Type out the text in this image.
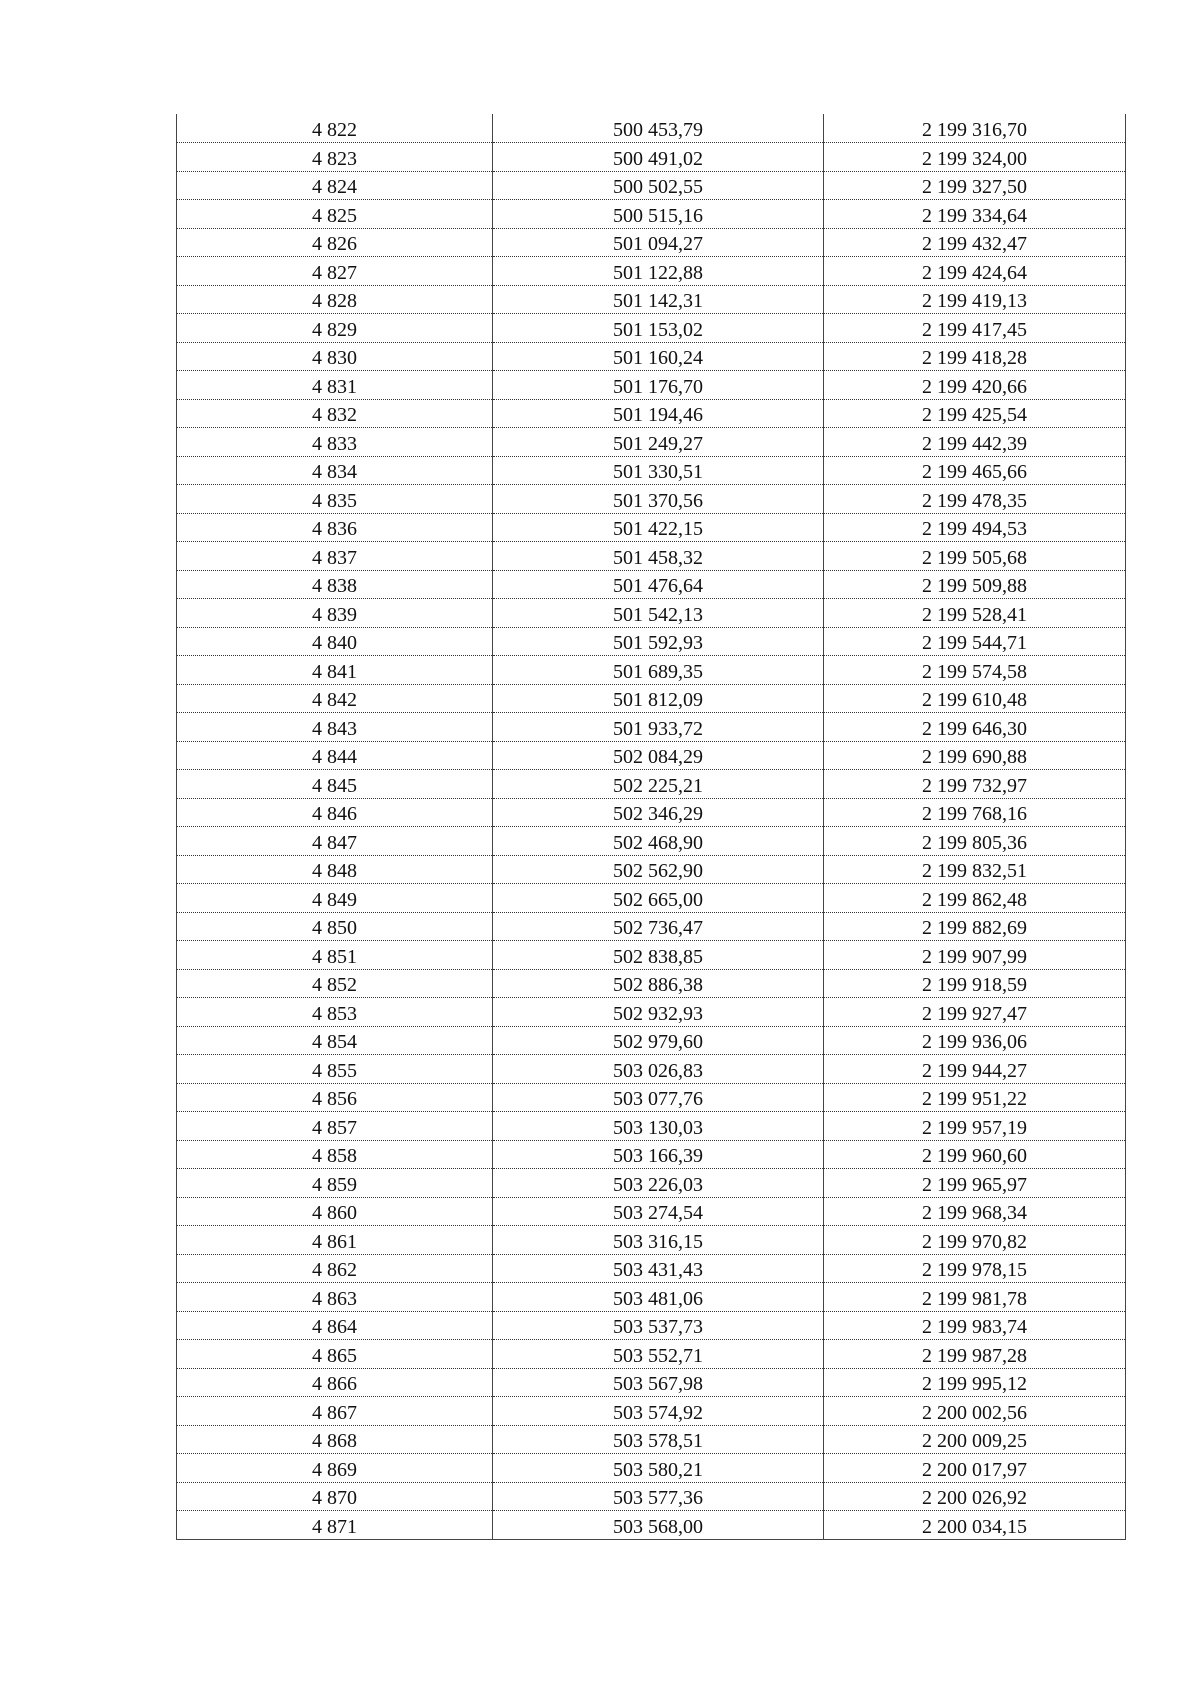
4 822	500 453,79	2 199 316,70
4 823	500 491,02	2 199 324,00
4 824	500 502,55	2 199 327,50
4 825	500 515,16	2 199 334,64
4 826	501 094,27	2 199 432,47
4 827	501 122,88	2 199 424,64
4 828	501 142,31	2 199 419,13
4 829	501 153,02	2 199 417,45
4 830	501 160,24	2 199 418,28
4 831	501 176,70	2 199 420,66
4 832	501 194,46	2 199 425,54
4 833	501 249,27	2 199 442,39
4 834	501 330,51	2 199 465,66
4 835	501 370,56	2 199 478,35
4 836	501 422,15	2 199 494,53
4 837	501 458,32	2 199 505,68
4 838	501 476,64	2 199 509,88
4 839	501 542,13	2 199 528,41
4 840	501 592,93	2 199 544,71
4 841	501 689,35	2 199 574,58
4 842	501 812,09	2 199 610,48
4 843	501 933,72	2 199 646,30
4 844	502 084,29	2 199 690,88
4 845	502 225,21	2 199 732,97
4 846	502 346,29	2 199 768,16
4 847	502 468,90	2 199 805,36
4 848	502 562,90	2 199 832,51
4 849	502 665,00	2 199 862,48
4 850	502 736,47	2 199 882,69
4 851	502 838,85	2 199 907,99
4 852	502 886,38	2 199 918,59
4 853	502 932,93	2 199 927,47
4 854	502 979,60	2 199 936,06
4 855	503 026,83	2 199 944,27
4 856	503 077,76	2 199 951,22
4 857	503 130,03	2 199 957,19
4 858	503 166,39	2 199 960,60
4 859	503 226,03	2 199 965,97
4 860	503 274,54	2 199 968,34
4 861	503 316,15	2 199 970,82
4 862	503 431,43	2 199 978,15
4 863	503 481,06	2 199 981,78
4 864	503 537,73	2 199 983,74
4 865	503 552,71	2 199 987,28
4 866	503 567,98	2 199 995,12
4 867	503 574,92	2 200 002,56
4 868	503 578,51	2 200 009,25
4 869	503 580,21	2 200 017,97
4 870	503 577,36	2 200 026,92
4 871	503 568,00	2 200 034,15
